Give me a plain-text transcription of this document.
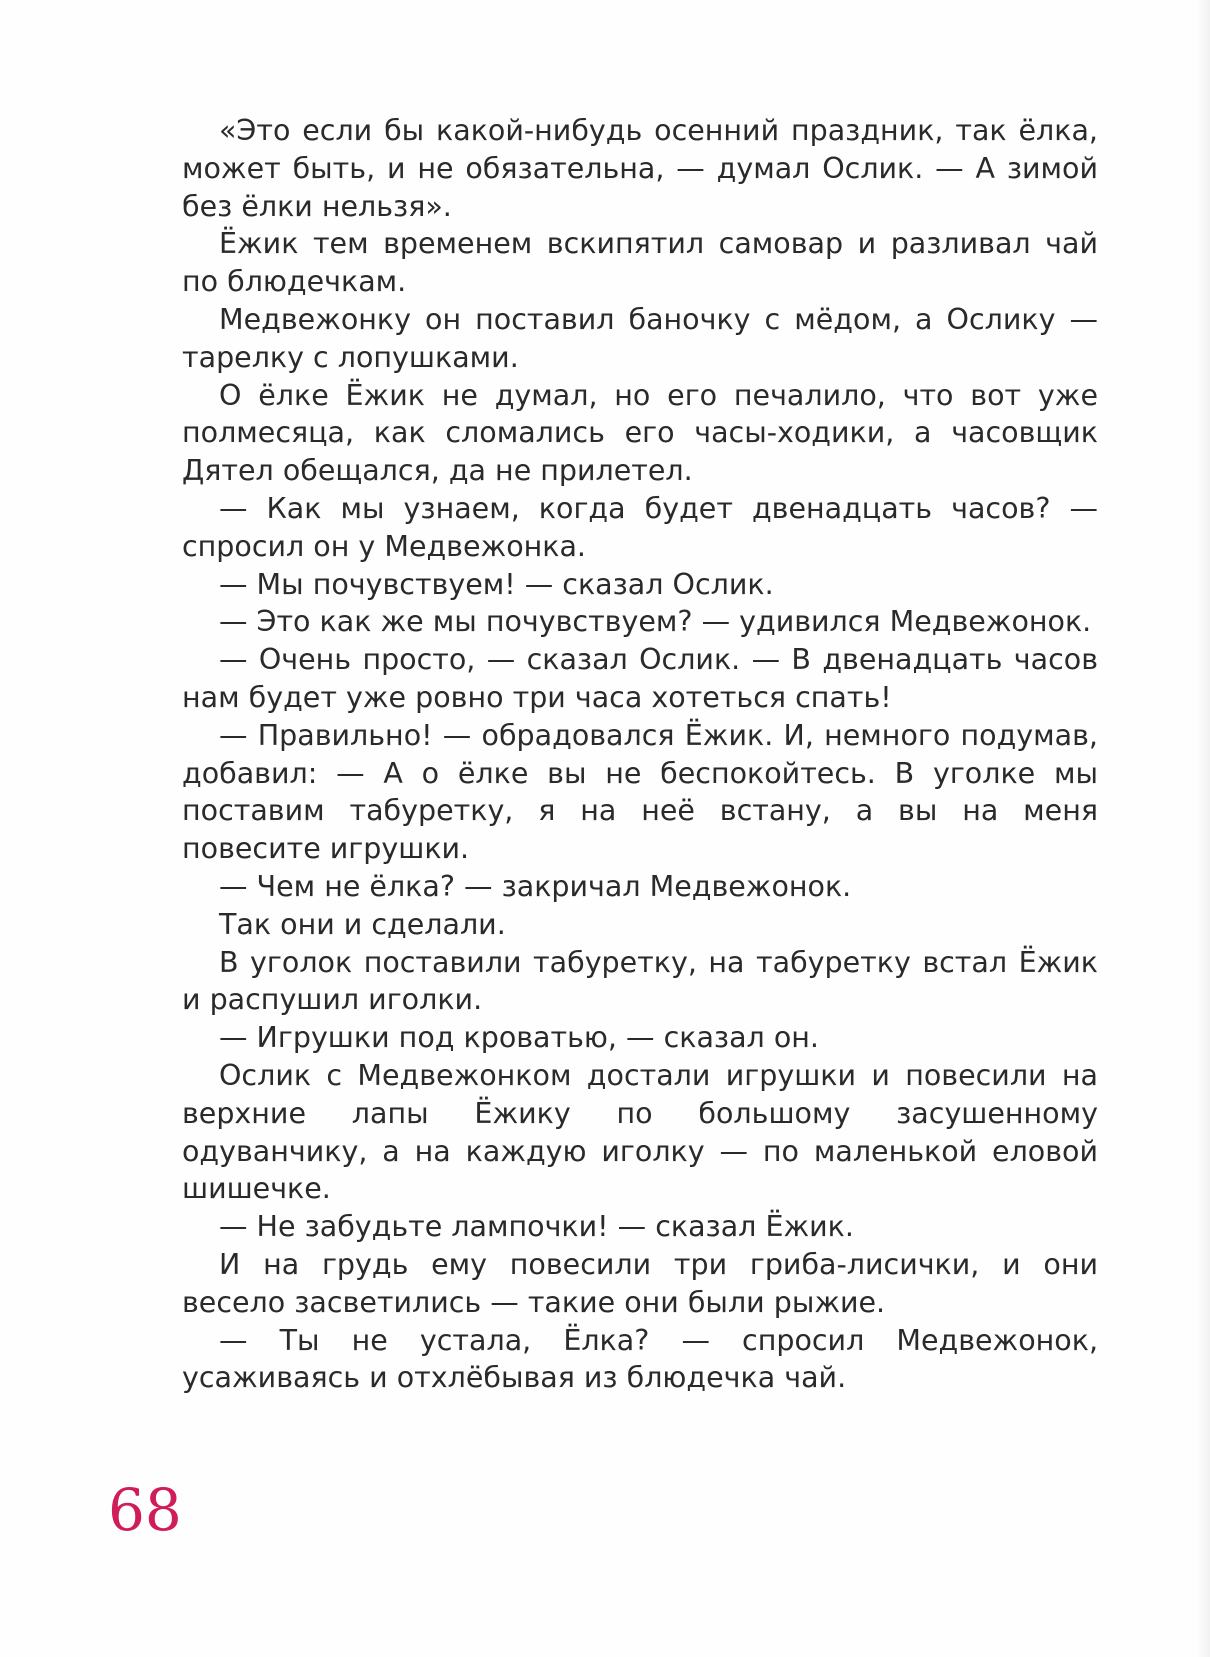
«Это если бы какой-нибудь осенний праздник, так ёлка, может быть, и не обязательна, — думал Ослик. — А зимой без ёлки нельзя».

Ёжик тем временем вскипятил самовар и разливал чай по блюдечкам.

Медвежонку он поставил баночку с мёдом, а Ослику — тарелку с лопушками.

О ёлке Ёжик не думал, но его печалило, что вот уже полмесяца, как сломались его часы-ходики, а часовщик Дятел обещался, да не прилетел.

— Как мы узнаем, когда будет двенадцать часов? — спросил он у Медвежонка.

— Мы почувствуем! — сказал Ослик.

— Это как же мы почувствуем? — удивился Медвежонок.

— Очень просто, — сказал Ослик. — В двенадцать часов нам будет уже ровно три часа хотеться спать!

— Правильно! — обрадовался Ёжик. И, немного подумав, добавил: — А о ёлке вы не беспокойтесь. В уголке мы поставим табуретку, я на неё встану, а вы на меня повесите игрушки.

— Чем не ёлка? — закричал Медвежонок.

Так они и сделали.

В уголок поставили табуретку, на табуретку встал Ёжик и распушил иголки.

— Игрушки под кроватью, — сказал он.

Ослик с Медвежонком достали игрушки и повесили на верхние лапы Ёжику по большому засушенному одуванчику, а на каждую иголку — по маленькой еловой шишечке.

— Не забудьте лампочки! — сказал Ёжик.

И на грудь ему повесили три гриба-лисички, и они весело засветились — такие они были рыжие.

— Ты не устала, Ёлка? — спросил Медвежонок, усаживаясь и отхлёбывая из блюдечка чай.

68
